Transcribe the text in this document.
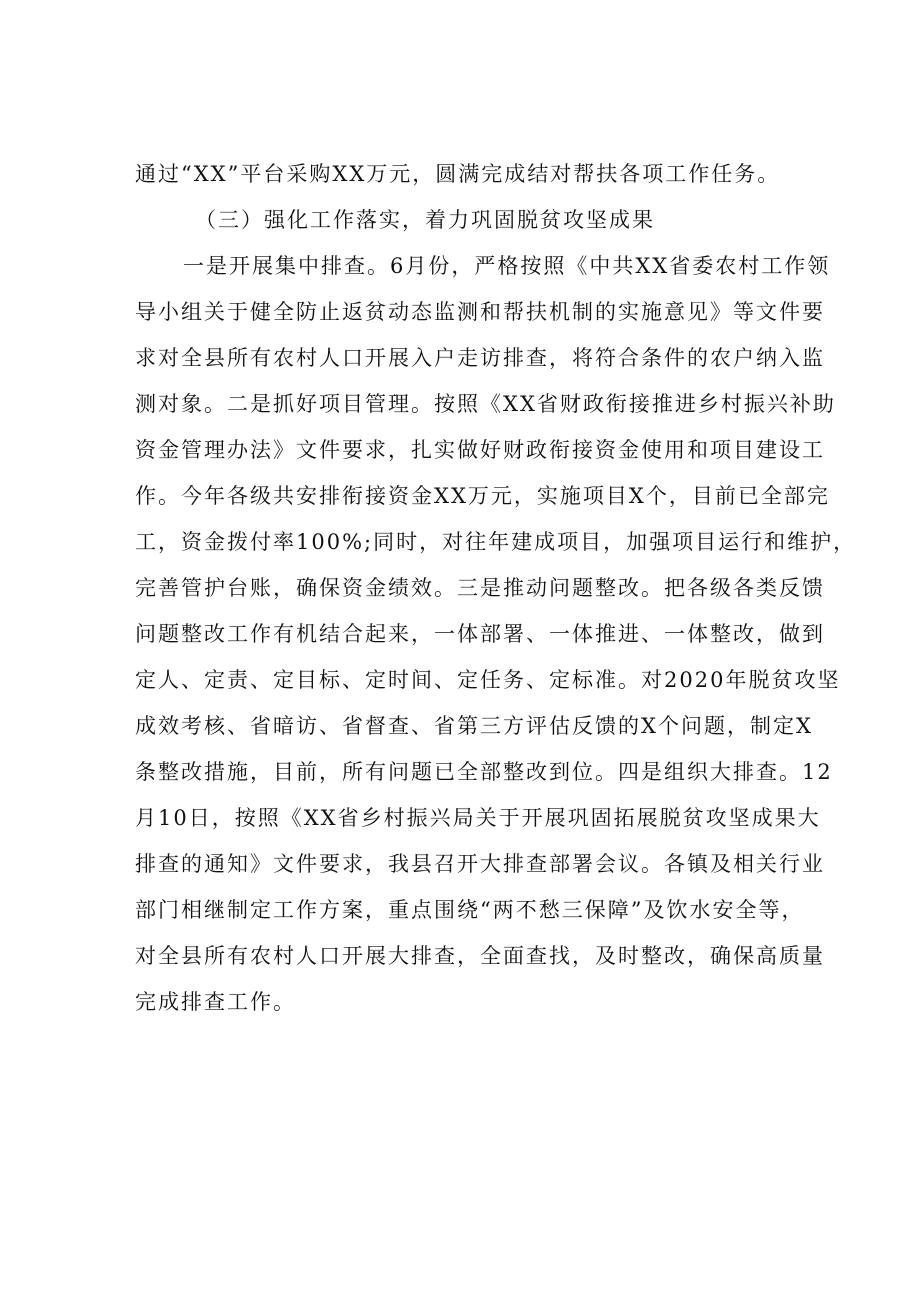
通过“XX”平台采购XX万元，圆满完成结对帮扶各项工作任务。
（三）强化工作落实，着力巩固脱贫攻坚成果
一是开展集中排查。6月份，严格按照《中共XX省委农村工作领
导小组关于健全防止返贫动态监测和帮扶机制的实施意见》等文件要
求对全县所有农村人口开展入户走访排查，将符合条件的农户纳入监
测对象。二是抓好项目管理。按照《XX省财政衔接推进乡村振兴补助
资金管理办法》文件要求，扎实做好财政衔接资金使用和项目建设工
作。今年各级共安排衔接资金XX万元，实施项目X个，目前已全部完
工，资金拨付率100%;同时，对往年建成项目，加强项目运行和维护，
完善管护台账，确保资金绩效。三是推动问题整改。把各级各类反馈
问题整改工作有机结合起来，一体部署、一体推进、一体整改，做到
定人、定责、定目标、定时间、定任务、定标准。对2020年脱贫攻坚
成效考核、省暗访、省督查、省第三方评估反馈的X个问题，制定X
条整改措施，目前，所有问题已全部整改到位。四是组织大排查。12
月10日，按照《XX省乡村振兴局关于开展巩固拓展脱贫攻坚成果大
排查的通知》文件要求，我县召开大排查部署会议。各镇及相关行业
部门相继制定工作方案，重点围绕“两不愁三保障”及饮水安全等，
对全县所有农村人口开展大排查，全面查找，及时整改，确保高质量
完成排查工作。
